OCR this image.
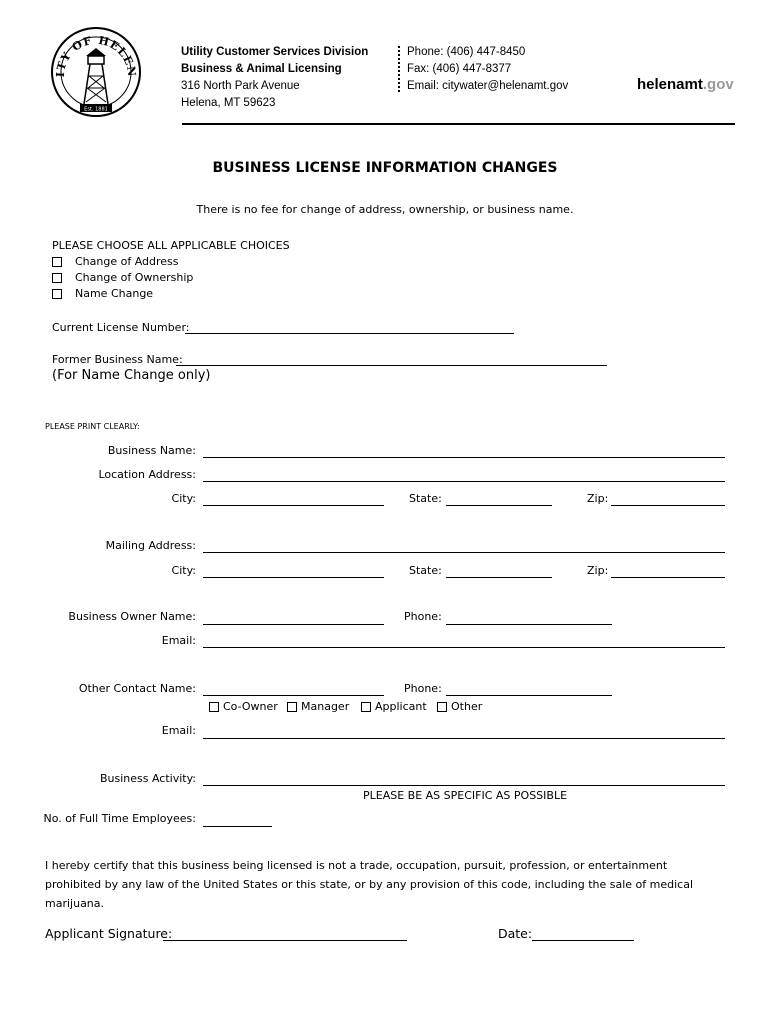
ITY OF HELEN
Est. 1881
Utility Customer Services Division
Business & Animal Licensing
316 North Park Avenue
Helena, MT 59623
Phone: (406) 447-8450
Fax: (406) 447-8377
Email: citywater@helenamt.gov	helenamt.gov
BUSINESS LICENSE INFORMATION CHANGES
There is no fee for change of address, ownership, or business name.
PLEASE CHOOSE ALL APPLICABLE CHOICES
Change of Address
Change of Ownership
Name Change
Current License Number:
Former Business Name:
(For Name Change only)
PLEASE PRINT CLEARLY:
Business Name:
Location Address:
City:	State:	Zip:
Mailing Address:
City:	State:	Zip:
Business Owner Name:	Phone:
Email:
Other Contact Name:	Phone:
Co-Owner	Manager	Applicant	Other
Email:
Business Activity:
PLEASE BE AS SPECIFIC AS POSSIBLE
No. of Full Time Employees:
I hereby certify that this business being licensed is not a trade, occupation, pursuit, profession, or entertainment prohibited by any law of the United States or this state, or by any provision of this code, including the sale of medical marijuana.
Applicant Signature:	Date:
